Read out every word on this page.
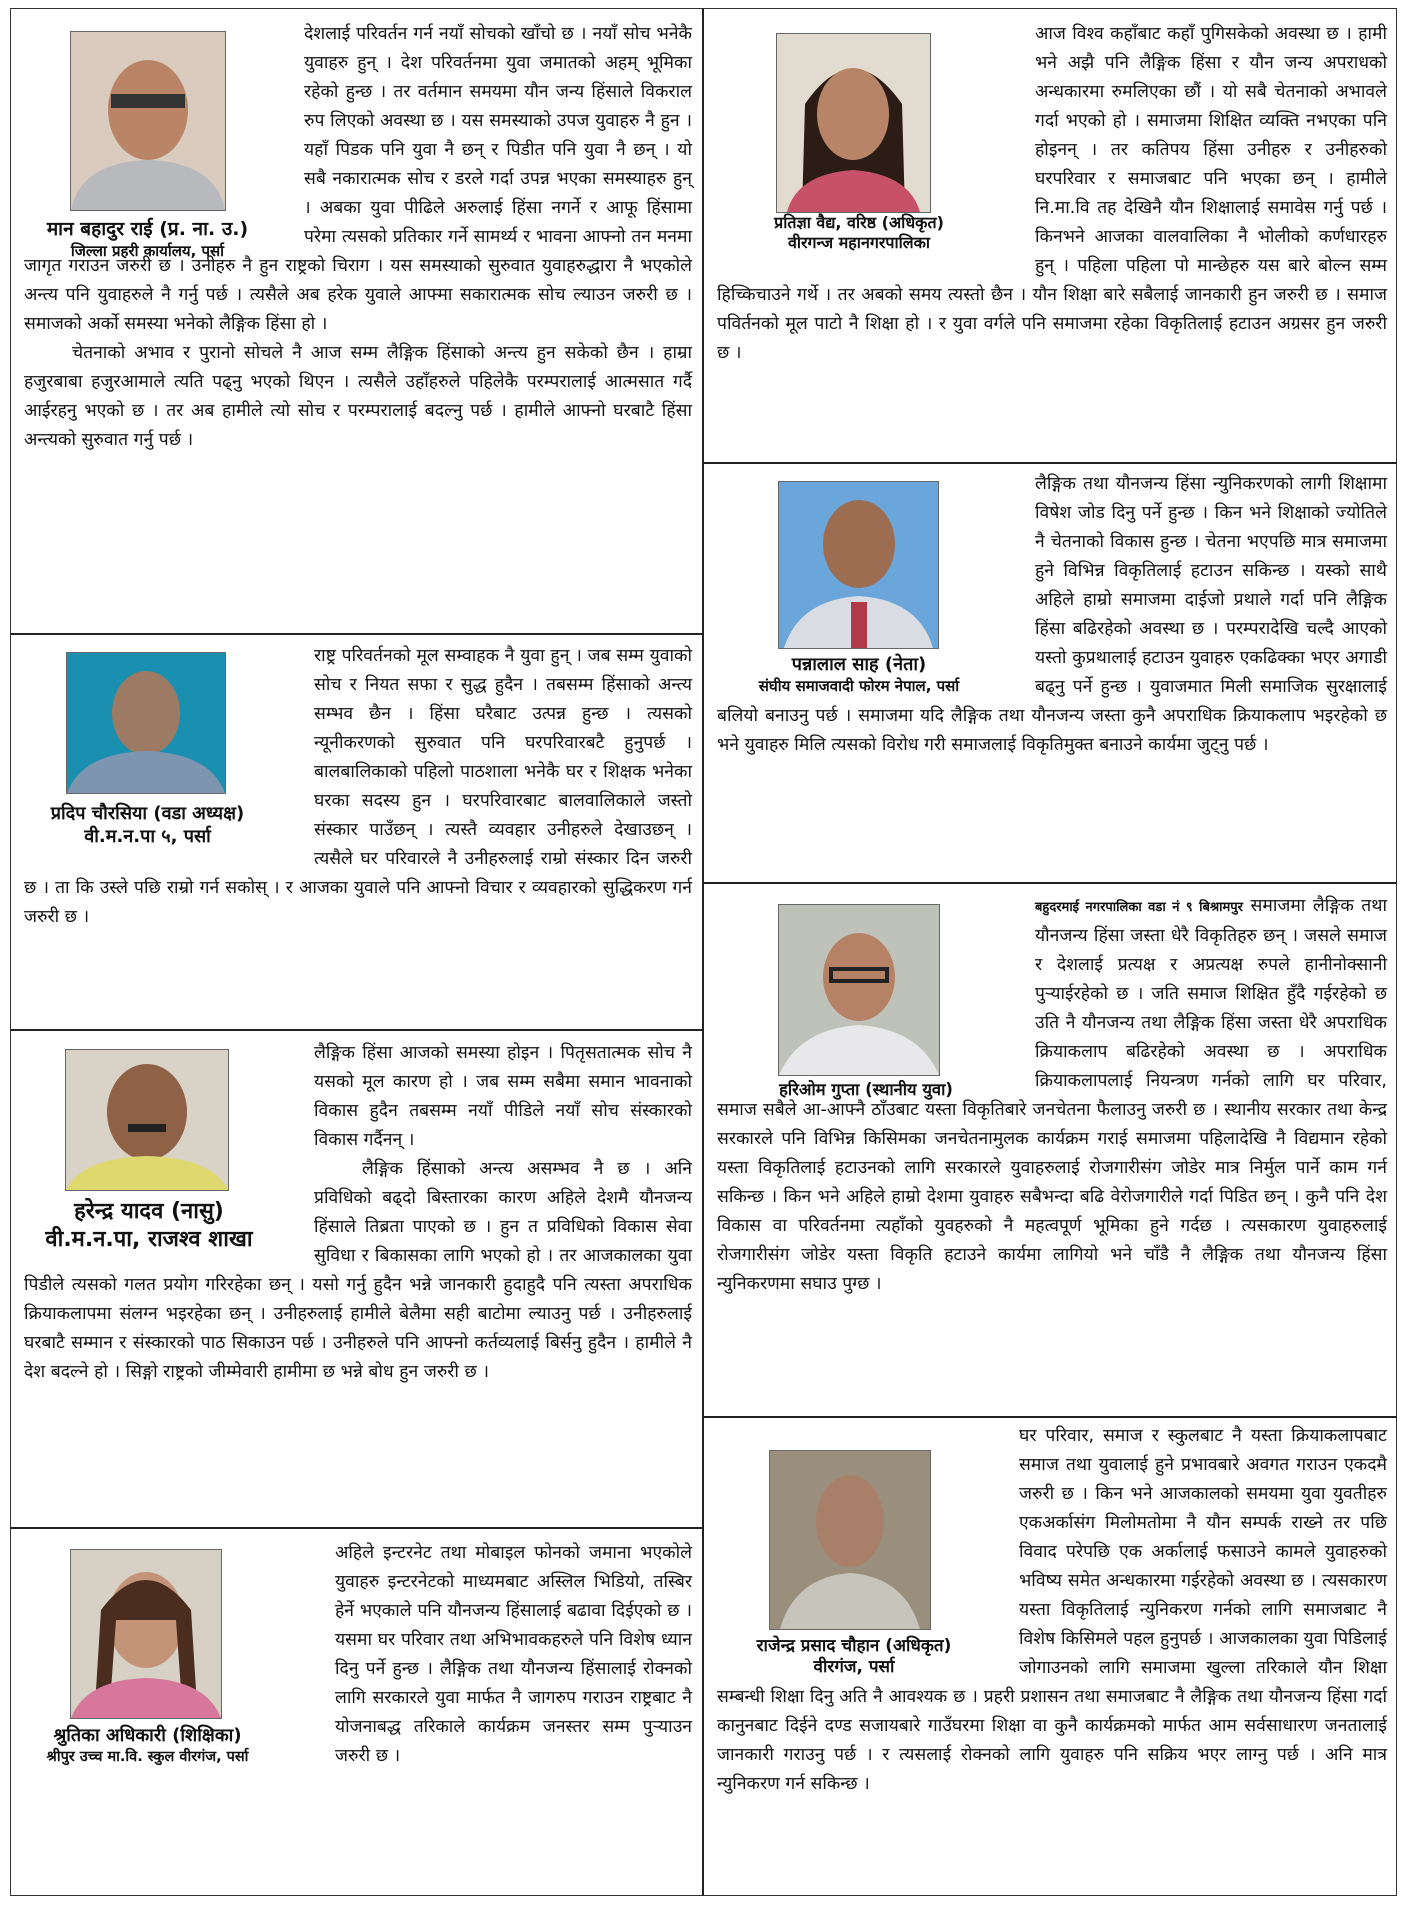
मान बहादुर राई (प्र. ना. उ.)
जिल्ला प्रहरी कार्यालय, पर्सा

देशलाई परिवर्तन गर्न नयाँ सोचको खाँचो छ । नयाँ सोच भनेकै युवाहरु हुन् । देश परिवर्तनमा युवा जमातको अहम् भूमिका रहेको हुन्छ । तर वर्तमान समयमा यौन जन्य हिंसाले विकराल रुप लिएको अवस्था छ । यस समस्याको उपज युवाहरु नै हुन । यहाँ पिडक पनि युवा नै छन् र पिडीत पनि युवा नै छन् । यो सबै नकारात्मक सोच र डरले गर्दा उपन्न भएका समस्याहरु हुन् । अबका युवा पीढिले अरुलाई हिंसा नगर्ने र आफू हिंसामा परेमा त्यसको प्रतिकार गर्ने सामर्थ्य र भावना आफ्नो तन मनमा जागृत गराउन जरुरी छ । उनीहरु नै हुन राष्ट्रको चिराग । यस समस्याको सुरुवात युवाहरुद्धारा नै भएकोले अन्त्य पनि युवाहरुले नै गर्नु पर्छ । त्यसैले अब हरेक युवाले आफ्मा सकारात्मक सोच ल्याउन जरुरी छ । समाजको अर्को समस्या भनेको लैङ्गिक हिंसा हो ।

चेतनाको अभाव र पुरानो सोचले नै आज सम्म लैङ्गिक हिंसाको अन्त्य हुन सकेको छैन । हाम्रा हजुरबाबा हजुरआमाले त्यति पढ्नु भएको थिएन । त्यसैले उहाँहरुले पहिलेकै परम्परालाई आत्मसात गर्दै आईरहनु भएको छ । तर अब हामीले त्यो सोच र परम्परालाई बदल्नु पर्छ । हामीले आफ्नो घरबाटै हिंसा अन्त्यको सुरुवात गर्नु पर्छ ।

प्रदिप चौरसिया (वडा अध्यक्ष)
वी.म.न.पा ५, पर्सा

राष्ट्र परिवर्तनको मूल सम्वाहक नै युवा हुन् । जब सम्म युवाको सोच र नियत सफा र सुद्ध हुदैन । तबसम्म हिंसाको अन्त्य सम्भव छैन । हिंसा घरैबाट उत्पन्न हुन्छ । त्यसको न्यूनीकरणको सुरुवात पनि घरपरिवारबटै हुनुपर्छ । बालबालिकाको पहिलो पाठशाला भनेकै घर र शिक्षक भनेका घरका सदस्य हुन । घरपरिवारबाट बालवालिकाले जस्तो संस्कार पाउँछन् । त्यस्तै व्यवहार उनीहरुले देखाउछन् । त्यसैले घर परिवारले नै उनीहरुलाई राम्रो संस्कार दिन जरुरी छ । ता कि उस्ले पछि राम्रो गर्न सकोस् । र आजका युवाले पनि आफ्नो विचार र व्यवहारको सुद्धिकरण गर्न जरुरी छ ।

हरेन्द्र यादव (नासु)
वी.म.न.पा, राजश्व शाखा

लैङ्गिक हिंसा आजको समस्या होइन । पितृसतात्मक सोच नै यसको मूल कारण हो । जब सम्म सबैमा समान भावनाको विकास हुदैन तबसम्म नयाँ पीडिले नयाँ सोच संस्कारको विकास गर्दैनन् ।

लैङ्गिक हिंसाको अन्त्य असम्भव नै छ । अनि प्रविधिको बढ्दो बिस्तारका कारण अहिले देशमै यौनजन्य हिंसाले तिब्रता पाएको छ । हुन त प्रविधिको विकास सेवा सुविधा र बिकासका लागि भएको हो । तर आजकालका युवा पिडीले त्यसको गलत प्रयोग गरिरहेका छन् । यसो गर्नु हुदैन भन्ने जानकारी हुदाहुदै पनि त्यस्ता अपराधिक क्रियाकलापमा संलग्न भइरहेका छन् । उनीहरुलाई हामीले बेलैमा सही बाटोमा ल्याउनु पर्छ । उनीहरुलाई घरबाटै सम्मान र संस्कारको पाठ सिकाउन पर्छ । उनीहरुले पनि आफ्नो कर्तव्यलाई बिर्सनु हुदैन । हामीले नै देश बदल्ने हो । सिङ्गो राष्ट्रको जीम्मेवारी हामीमा छ भन्ने बोध हुन जरुरी छ ।

श्रुतिका अधिकारी (शिक्षिका)
श्रीपुर उच्च मा.वि. स्कुल वीरगंज, पर्सा

अहिले इन्टरनेट तथा मोबाइल फोनको जमाना भएकोले युवाहरु इन्टरनेटको माध्यमबाट अस्लिल भिडियो, तस्बिर हेर्ने भएकाले पनि यौनजन्य हिंसालाई बढावा दिईएको छ । यसमा घर परिवार तथा अभिभावकहरुले पनि विशेष ध्यान दिनु पर्ने हुन्छ । लैङ्गिक तथा यौनजन्य हिंसालाई रोक्नको लागि सरकारले युवा मार्फत नै जागरुप गराउन राष्ट्रबाट नै योजनाबद्ध तरिकाले कार्यक्रम जनस्तर सम्म पुऱ्याउन जरुरी छ ।

प्रतिज्ञा वैद्य, वरिष्ठ (अधिकृत)
वीरगन्ज महानगरपालिका

आज विश्व कहाँबाट कहाँ पुगिसकेको अवस्था छ । हामी भने अझै पनि लैङ्गिक हिंसा र यौन जन्य अपराधको अन्धकारमा रुमलिएका छौं । यो सबै चेतनाको अभावले गर्दा भएको हो । समाजमा शिक्षित व्यक्ति नभएका पनि होइनन् । तर कतिपय हिंसा उनीहरु र उनीहरुको घरपरिवार र समाजबाट पनि भएका छन् । हामीले नि.मा.वि तह देखिनै यौन शिक्षालाई समावेस गर्नु पर्छ । किनभने आजका वालवालिका नै भोलीको कर्णधारहरु हुन् । पहिला पहिला पो मान्छेहरु यस बारे बोल्न सम्म हिच्किचाउने गर्थे । तर अबको समय त्यस्तो छैन । यौन शिक्षा बारे सबैलाई जानकारी हुन जरुरी छ । समाज पविर्तनको मूल पाटो नै शिक्षा हो । र युवा वर्गले पनि समाजमा रहेका विकृतिलाई हटाउन अग्रसर हुन जरुरी छ ।

पन्नालाल साह (नेता)
संघीय समाजवादी फोरम नेपाल, पर्सा

लैङ्गिक तथा यौनजन्य हिंसा न्युनिकरणको लागी शिक्षामा विषेश जोड दिनु पर्ने हुन्छ । किन भने शिक्षाको ज्योतिले नै चेतनाको विकास हुन्छ । चेतना भएपछि मात्र समाजमा हुने विभिन्न विकृतिलाई हटाउन सकिन्छ । यस्को साथै अहिले हाम्रो समाजमा दाईजो प्रथाले गर्दा पनि लैङ्गिक हिंसा बढिरहेको अवस्था छ । परम्परादेखि चल्दै आएको यस्तो कुप्रथालाई हटाउन युवाहरु एकढिक्का भएर अगाडी बढ्नु पर्ने हुन्छ । युवाजमात मिली समाजिक सुरक्षालाई बलियो बनाउनु पर्छ । समाजमा यदि लैङ्गिक तथा यौनजन्य जस्ता कुनै अपराधिक क्रियाकलाप भइरहेको छ भने युवाहरु मिलि त्यसको विरोध गरी समाजलाई विकृतिमुक्त बनाउने कार्यमा जुट्नु पर्छ ।

हरिओम गुप्ता (स्थानीय युवा)

बहुदरमाई नगरपालिका वडा नं ९ बिश्रामपुर समाजमा लैङ्गिक तथा यौनजन्य हिंसा जस्ता धेरै विकृतिहरु छन् । जसले समाज र देशलाई प्रत्यक्ष र अप्रत्यक्ष रुपले हानीनोक्सानी पुऱ्याईरहेको छ । जति समाज शिक्षित हुँदै गईरहेको छ उति नै यौनजन्य तथा लैङ्गिक हिंसा जस्ता धेरै अपराधिक क्रियाकलाप बढिरहेको अवस्था छ । अपराधिक क्रियाकलापलाई नियन्त्रण गर्नको लागि घर परिवार, समाज सबैले आ-आफ्नै ठाँउबाट यस्ता विकृतिबारे जनचेतना फैलाउनु जरुरी छ । स्थानीय सरकार तथा केन्द्र सरकारले पनि विभिन्न किसिमका जनचेतनामुलक कार्यक्रम गराई समाजमा पहिलादेखि नै विद्यमान रहेको यस्ता विकृतिलाई हटाउनको लागि सरकारले युवाहरुलाई रोजगारीसंग जोडेर मात्र निर्मुल पार्ने काम गर्न सकिन्छ । किन भने अहिले हाम्रो देशमा युवाहरु सबैभन्दा बढि वेरोजगारीले गर्दा पिडित छन् । कुनै पनि देश विकास वा परिवर्तनमा त्यहाँको युवहरुको नै महत्वपूर्ण भूमिका हुने गर्दछ । त्यसकारण युवाहरुलाई रोजगारीसंग जोडेर यस्ता विकृति हटाउने कार्यमा लागियो भने चाँडै नै लैङ्गिक तथा यौनजन्य हिंसा न्युनिकरणमा सघाउ पुग्छ ।

राजेन्द्र प्रसाद चौहान (अधिकृत)
वीरगंज, पर्सा

घर परिवार, समाज र स्कुलबाट नै यस्ता क्रियाकलापबाट समाज तथा युवालाई हुने प्रभावबारे अवगत गराउन एकदमै जरुरी छ । किन भने आजकालको समयमा युवा युवतीहरु एकअर्कासंग मिलोमतोमा नै यौन सम्पर्क राख्ने तर पछि विवाद परेपछि एक अर्कालाई फसाउने कामले युवाहरुको भविष्य समेत अन्धकारमा गईरहेको अवस्था छ । त्यसकारण यस्ता विकृतिलाई न्युनिकरण गर्नको लागि समाजबाट नै विशेष किसिमले पहल हुनुपर्छ । आजकालका युवा पिडिलाई जोगाउनको लागि समाजमा खुल्ला तरिकाले यौन शिक्षा सम्बन्धी शिक्षा दिनु अति नै आवश्यक छ । प्रहरी प्रशासन तथा समाजबाट नै लैङ्गिक तथा यौनजन्य हिंसा गर्दा कानुनबाट दिईने दण्ड सजायबारे गाउँघरमा शिक्षा वा कुनै कार्यक्रमको मार्फत आम सर्वसाधारण जनतालाई जानकारी गराउनु पर्छ । र त्यसलाई रोक्नको लागि युवाहरु पनि सक्रिय भएर लाग्नु पर्छ । अनि मात्र न्युनिकरण गर्न सकिन्छ ।
